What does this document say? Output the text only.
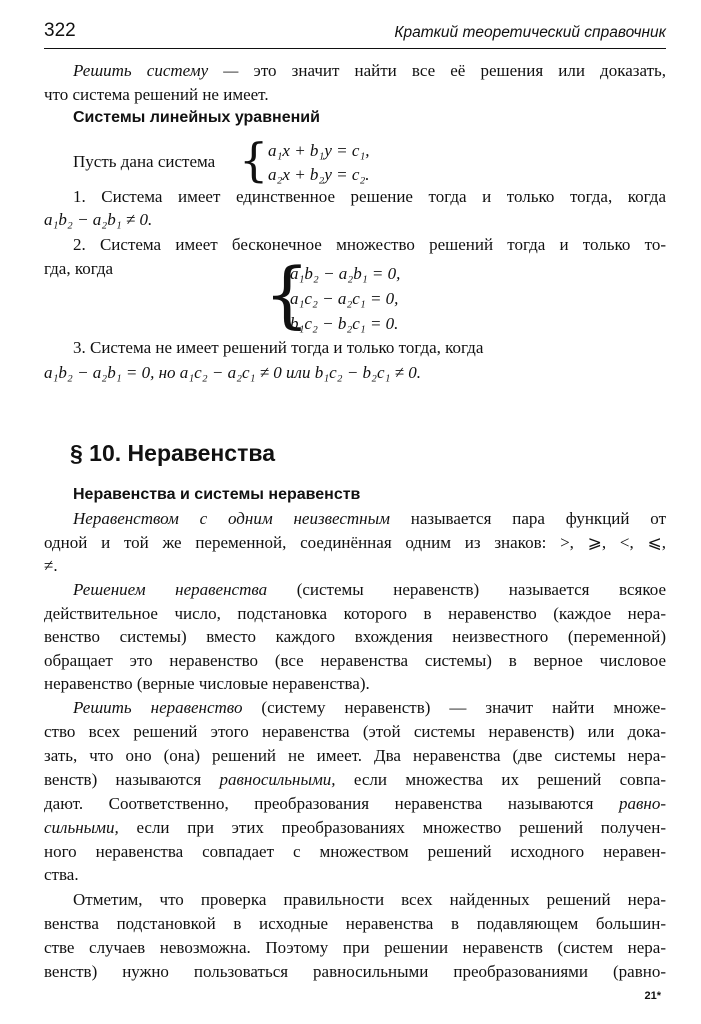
322	Краткий теоретический справочник
Решить систему — это значит найти все её решения или доказать,
что система решений не имеет.
Системы линейных уравнений
Пусть дана система { a₁x + b₁y = c₁,
a₂x + b₂y = c₂.
1. Система имеет единственное решение тогда и только тогда, когда
a₁b₂ − a₂b₁ ≠ 0.
2. Система имеет бесконечное множество решений тогда и только то-
гда, когда	{
a₁b₂ − a₂b₁ = 0,
a₁c₂ − a₂c₁ = 0,
b₁c₂ − b₂c₁ = 0.
3. Система не имеет решений тогда и только тогда, когда
a₁b₂ − a₂b₁ = 0, но a₁c₂ − a₂c₁ ≠ 0 или b₁c₂ − b₂c₁ ≠ 0.
§ 10. Неравенства
Неравенства и системы неравенств
Неравенством с одним неизвестным называется пара функций от
одной и той же переменной, соединённая одним из знаков: >, ⩾, <, ⩽,
≠.
Решением неравенства (системы неравенств) называется всякое
действительное число, подстановка которого в неравенство (каждое нера-
венство системы) вместо каждого вхождения неизвестного (переменной)
обращает это неравенство (все неравенства системы) в верное числовое
неравенство (верные числовые неравенства).
Решить неравенство (систему неравенств) — значит найти множе-
ство всех решений этого неравенства (этой системы неравенств) или дока-
зать, что оно (она) решений не имеет. Два неравенства (две системы нера-
венств) называются равносильными, если множества их решений совпа-
дают. Соответственно, преобразования неравенства называются равно-
сильными, если при этих преобразованиях множество решений получен-
ного неравенства совпадает с множеством решений исходного нерaвен-
ства.
Отметим, что проверка правильности всех найденных решений нера-
венства подстановкой в исходные неравенства в подавляющем большин-
стве случаев невозможна. Поэтому при решении неравенств (систем нера-
венств) нужно пользоваться равносильными преобразованиями (равно-
21*
